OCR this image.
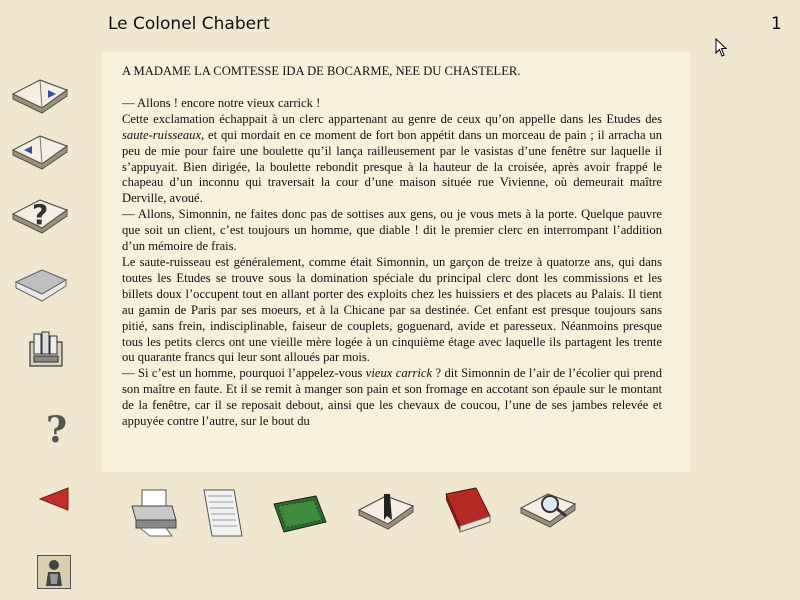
Le Colonel Chabert	1

A MADAME LA COMTESSE IDA DE BOCARME, NEE DU CHASTELER.

— Allons ! encore notre vieux carrick !

Cette exclamation échappait à un clerc appartenant au genre de ceux qu’on appelle dans les Etudes des saute-ruisseaux, et qui mordait en ce moment de fort bon appétit dans un morceau de pain ; il arracha un peu de mie pour faire une boulette qu’il lança railleusement par le vasistas d’une fenêtre sur laquelle il s’appuyait. Bien dirigée, la boulette rebondit presque à la hauteur de la croisée, après avoir frappé le chapeau d’un inconnu qui traversait la cour d’une maison située rue Vivienne, où demeurait maître Derville, avoué.

— Allons, Simonnin, ne faites donc pas de sottises aux gens, ou je vous mets à la porte. Quelque pauvre que soit un client, c’est toujours un homme, que diable ! dit le premier clerc en interrompant l’addition d’un mémoire de frais.

Le saute-ruisseau est généralement, comme était Simonnin, un garçon de treize à quatorze ans, qui dans toutes les Etudes se trouve sous la domination spéciale du principal clerc dont les commissions et les billets doux l’occupent tout en allant porter des exploits chez les huissiers et des placets au Palais. Il tient au gamin de Paris par ses moeurs, et à la Chicane par sa destinée. Cet enfant est presque toujours sans pitié, sans frein, indisciplinable, faiseur de couplets, goguenard, avide et paresseux. Néanmoins presque tous les petits clercs ont une vieille mère logée à un cinquième étage avec laquelle ils partagent les trente ou quarante francs qui leur sont alloués par mois.

— Si c’est un homme, pourquoi l’appelez-vous vieux carrick ? dit Simonnin de l’air de l’écolier qui prend son maître en faute. Et il se remit à manger son pain et son fromage en accotant son épaule sur le montant de la fenêtre, car il se reposait debout, ainsi que les chevaux de coucou, l’une de ses jambes relevée et appuyée contre l’autre, sur le bout du

?
?
